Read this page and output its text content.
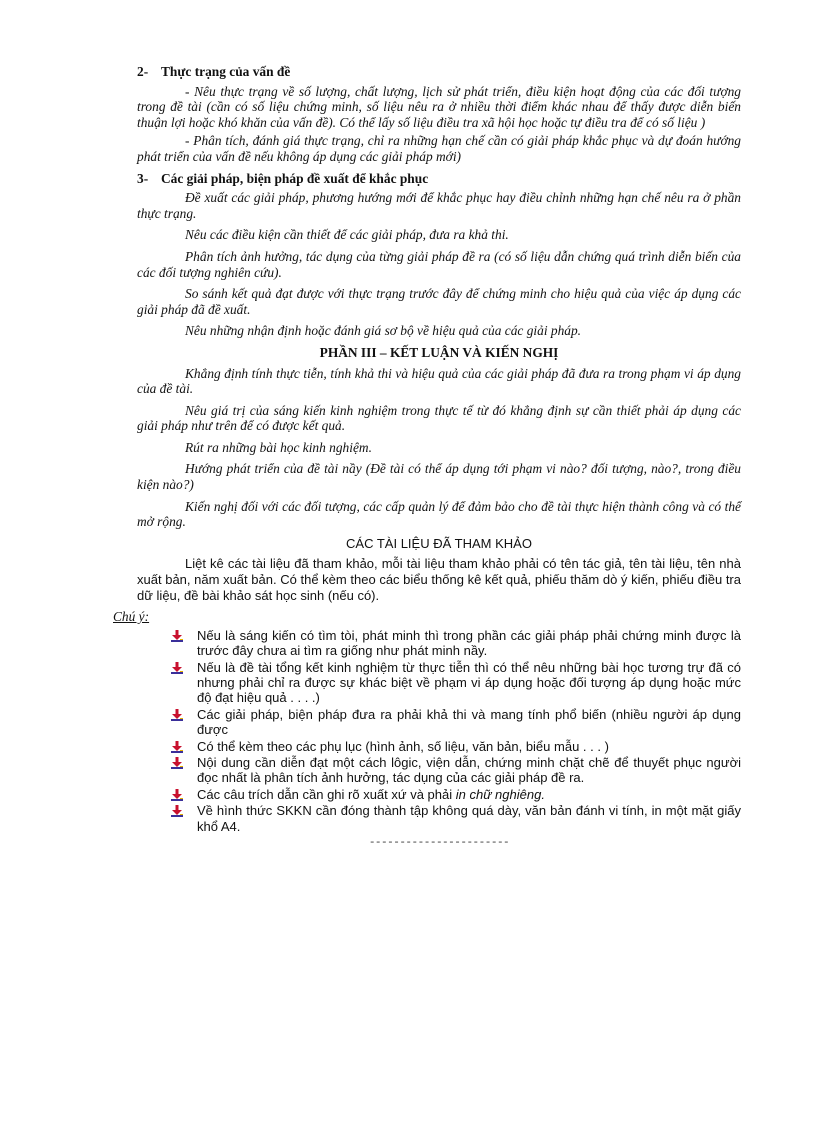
2- Thực trạng của vấn đề

- Nêu thực trạng về số lượng, chất lượng, lịch sử phát triển, điều kiện hoạt động của các đối tượng trong đề tài (cần có số liệu chứng minh, số liệu nêu ra ở nhiều thời điểm khác nhau để thấy được diễn biến thuận lợi hoặc khó khăn của vấn đề). Có thể lấy số liệu điều tra xã hội học hoặc tự điều tra để có số liệu )

- Phân tích, đánh giá thực trạng, chỉ ra những hạn chế cần có giải pháp khắc phục và dự đoán hướng phát triển của vấn đề nếu không áp dụng các giải pháp mới)

3- Các giải pháp, biện pháp đề xuất để khắc phục

Đề xuất các giải pháp, phương hướng mới để khắc phục hay điều chỉnh những hạn chế nêu ra ở phần thực trạng.

Nêu các điều kiện cần thiết để các giải pháp, đưa ra khả thi.

Phân tích ảnh hưởng, tác dụng của từng giải pháp đề ra (có số liệu dẫn chứng quá trình diễn biến của các đối tượng nghiên cứu).

So sánh kết quả đạt được với thực trạng trước đây để chứng minh cho hiệu quả của việc áp dụng các giải pháp đã đề xuất.

Nêu những nhận định hoặc đánh giá sơ bộ về hiệu quả của các giải pháp.

PHẦN III – KẾT LUẬN VÀ KIẾN NGHỊ

Khẳng định tính thực tiễn, tính khả thi và hiệu quả của các giải pháp đã đưa ra trong phạm vi áp dụng của đề tài.

Nêu giá trị của sáng kiến kinh nghiệm trong thực tế từ đó khẳng định sự cần thiết phải áp dụng các giải pháp như trên để có được kết quả.

Rút ra những bài học kinh nghiệm.

Hướng phát triển của đề tài nầy (Đề tài có thể áp dụng tới phạm vi nào? đối tượng, nào?, trong điều kiện nào?)

Kiến nghị đối với các đối tượng, các cấp quản lý để đảm bảo cho đề tài thực hiện thành công và có thể mở rộng.

CÁC TÀI LIỆU ĐÃ THAM KHẢO

Liệt kê các tài liệu đã tham khảo, mỗi tài liệu tham khảo phải có tên tác giả, tên tài liệu, tên nhà xuất bản, năm xuất bản. Có thể kèm theo các biểu thống kê kết quả, phiếu thăm dò ý kiến, phiếu điều tra dữ liệu, đề bài khảo sát học sinh (nếu có).

Chú ý:
Nếu là sáng kiến có tìm tòi, phát minh thì trong phần các giải pháp phải chứng minh được là trước đây chưa ai tìm ra giống như phát minh nầy.
Nếu là đề tài tổng kết kinh nghiệm từ thực tiễn thì có thể nêu những bài học tương trự đã có nhưng phải chỉ ra được sự khác biệt về phạm vi áp dụng hoặc đối tượng áp dụng hoặc mức độ đạt hiệu quả . . . .)
Các giải pháp, biện pháp đưa ra phải khả thi và mang tính phổ biến (nhiều người áp dụng được
Có thể kèm theo các phụ lục (hình ảnh, số liệu, văn bản, biểu mẫu . . . )
Nội dung cần diễn đạt một cách lôgic, viện dẫn, chứng minh chặt chẽ để thuyết phục người đọc nhất là phân tích ảnh hưởng, tác dụng của các giải pháp đề ra.
Các câu trích dẫn cần ghi rõ xuất xứ và phải in chữ nghiêng.
Về hình thức SKKN cần đóng thành tập không quá dày, văn bản đánh vi tính, in một mặt giấy khổ A4.
-----------------------
